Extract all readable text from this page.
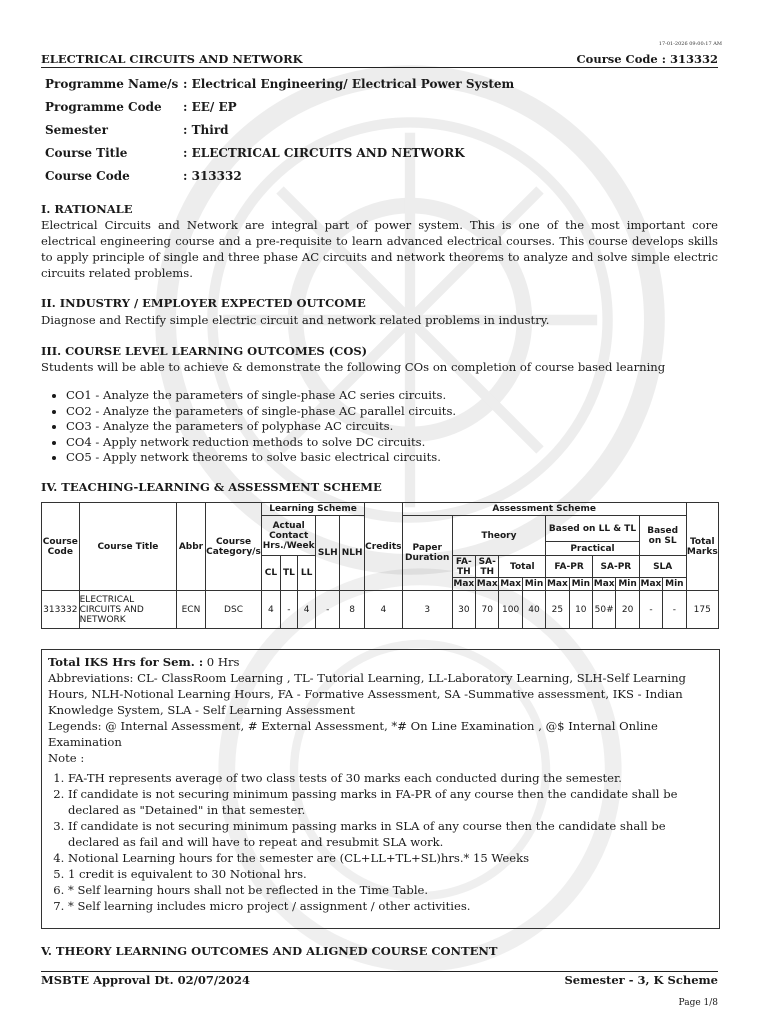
17-01-2026 09:00:17 AM
ELECTRICAL CIRCUITS AND NETWORK	Course Code : 313332
Programme Name/s : Electrical Engineering/ Electrical Power System
Programme Code	: EE/ EP
Semester	: Third
Course Title	: ELECTRICAL CIRCUITS AND NETWORK
Course Code	: 313332
I. RATIONALE
Electrical Circuits and Network are integral part of power system. This is one of the most important core electrical engineering course and a pre-requisite to learn advanced electrical courses. This course develops skills to apply principle of single and three phase AC circuits and network theorems to analyze and solve simple electric circuits related problems.
II. INDUSTRY / EMPLOYER EXPECTED OUTCOME
Diagnose and Rectify simple electric circuit and network related problems in industry.
III. COURSE LEVEL LEARNING OUTCOMES (COS)
Students will be able to achieve & demonstrate the following COs on completion of course based learning
• CO1 - Analyze the parameters of single-phase AC series circuits.
• CO2 - Analyze the parameters of single-phase AC parallel circuits.
• CO3 - Analyze the parameters of polyphase AC circuits.
• CO4 - Apply network reduction methods to solve DC circuits.
• CO5 - Apply network theorems to solve basic electrical circuits.
IV. TEACHING-LEARNING & ASSESSMENT SCHEME
Course Code	Course Title	Abbr	Course Category/s	Learning Scheme					Credits	Assessment Scheme											Total Marks
				Actual Contact Hrs./Week			SLH	NLH		Paper Duration	Theory				Based on LL & TL				Based on SL		
															Practical						
				CL	TL	LL					FA-TH	SA-TH	Total		FA-PR		SA-PR		SLA		
											Max	Max	Max	Min	Max	Min	Max	Min	Max	Min	
313332	ELECTRICAL CIRCUITS AND NETWORK	ECN	DSC	4	-	4	-	8	4	3	30	70	100	40	25	10	50#	20	-	-	175
Total IKS Hrs for Sem. : 0 Hrs
Abbreviations: CL- ClassRoom Learning , TL- Tutorial Learning, LL-Laboratory Learning, SLH-Self Learning Hours, NLH-Notional Learning Hours, FA - Formative Assessment, SA -Summative assessment, IKS - Indian Knowledge System, SLA - Self Learning Assessment
Legends: @ Internal Assessment, # External Assessment, *# On Line Examination , @$ Internal Online Examination
Note :
1. FA-TH represents average of two class tests of 30 marks each conducted during the semester.
2. If candidate is not securing minimum passing marks in FA-PR of any course then the candidate shall be declared as "Detained" in that semester.
3. If candidate is not securing minimum passing marks in SLA of any course then the candidate shall be declared as fail and will have to repeat and resubmit SLA work.
4. Notional Learning hours for the semester are (CL+LL+TL+SL)hrs.* 15 Weeks
5. 1 credit is equivalent to 30 Notional hrs.
6. * Self learning hours shall not be reflected in the Time Table.
7. * Self learning includes micro project / assignment / other activities.
V. THEORY LEARNING OUTCOMES AND ALIGNED COURSE CONTENT
MSBTE Approval Dt. 02/07/2024	Semester - 3, K Scheme
Page 1/8
